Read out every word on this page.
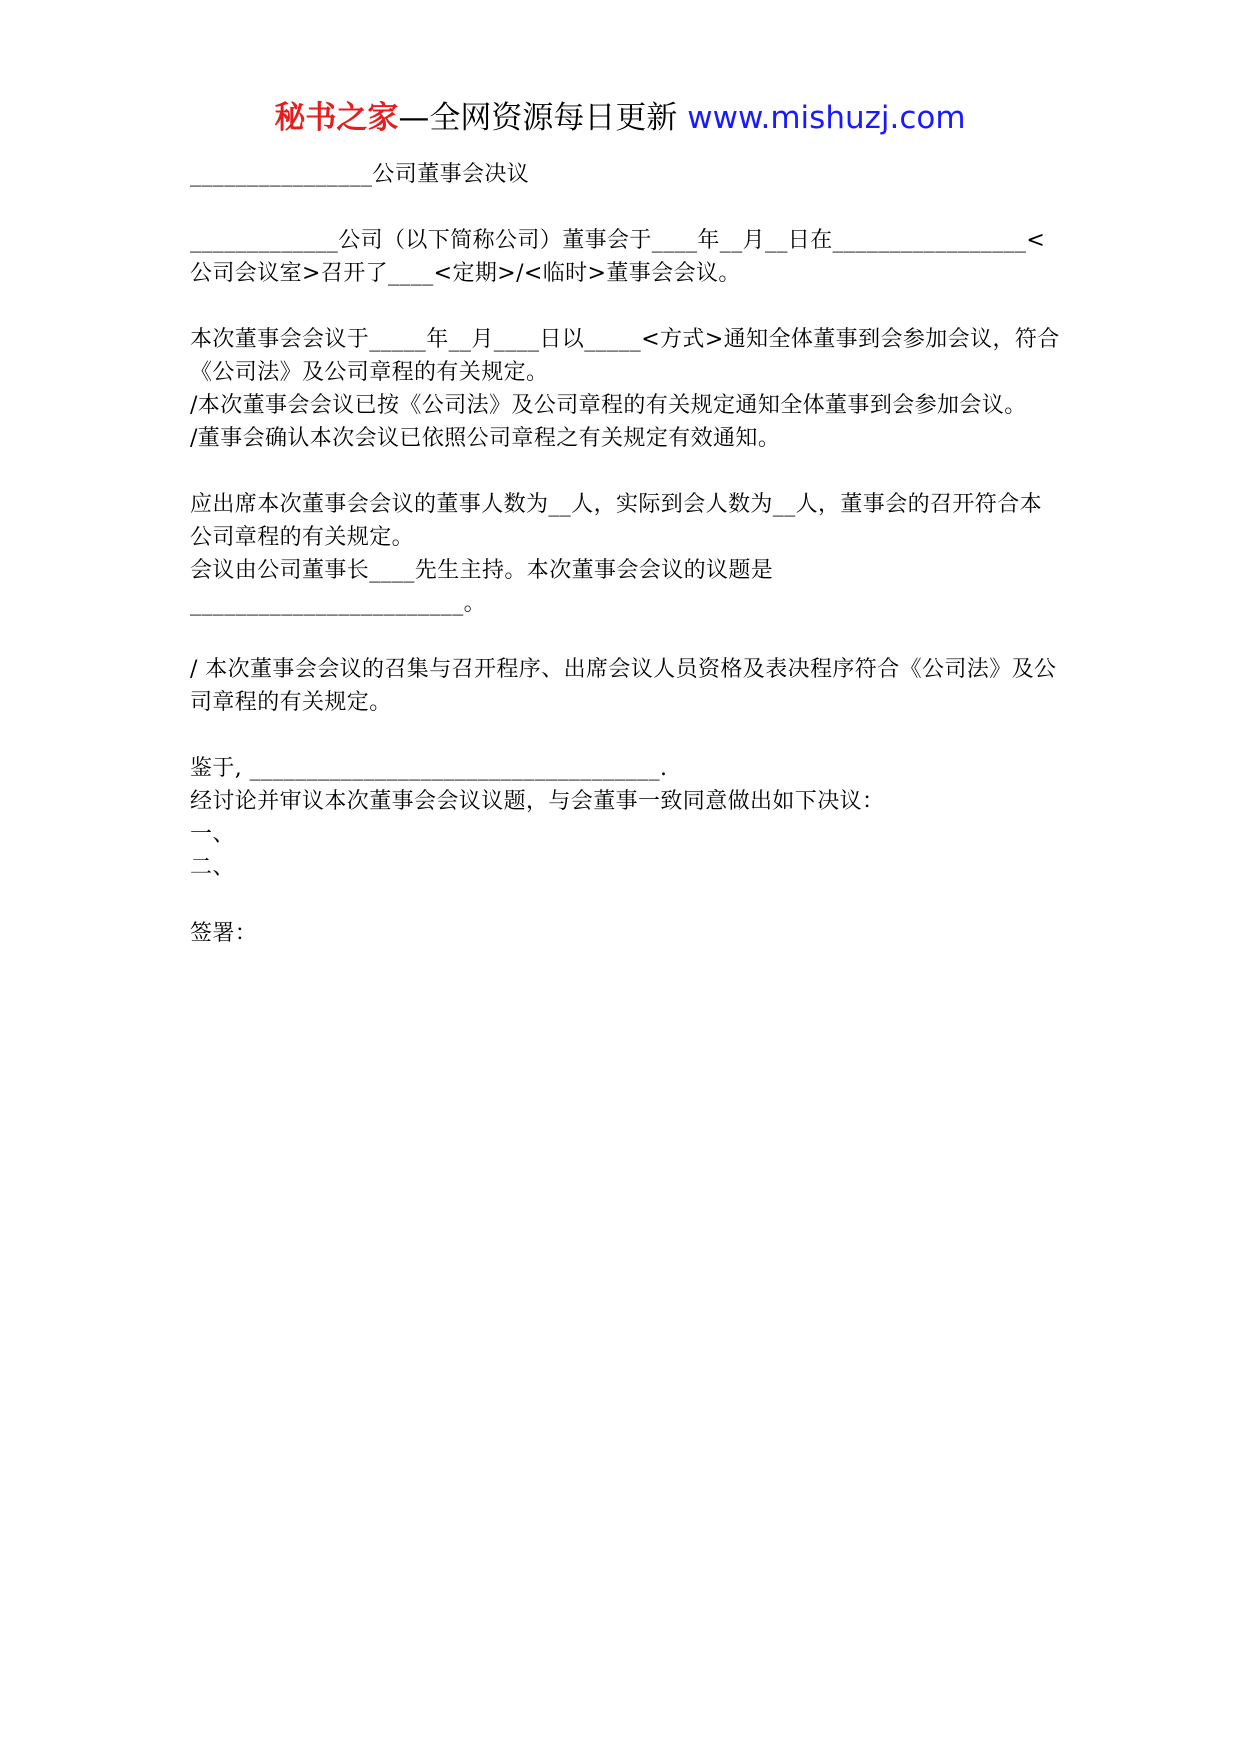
秘书之家—全网资源每日更新 www.mishuzj.com

________________公司董事会决议

_____________公司（以下简称公司）董事会于____年__月__日在_________________<公司会议室>召开了____<定期>/<临时>董事会会议。

本次董事会会议于_____年__月____日以_____<方式>通知全体董事到会参加会议，符合《公司法》及公司章程的有关规定。

/本次董事会会议已按《公司法》及公司章程的有关规定通知全体董事到会参加会议。

/董事会确认本次会议已依照公司章程之有关规定有效通知。

应出席本次董事会会议的董事人数为__人，实际到会人数为__人，董事会的召开符合本公司章程的有关规定。

会议由公司董事长____先生主持。本次董事会会议的议题是________________________。

/ 本次董事会会议的召集与召开程序、出席会议人员资格及表决程序符合《公司法》及公司章程的有关规定。

鉴于, ____________________________________.

经讨论并审议本次董事会会议议题，与会董事一致同意做出如下决议：

一、

二、

签署：
